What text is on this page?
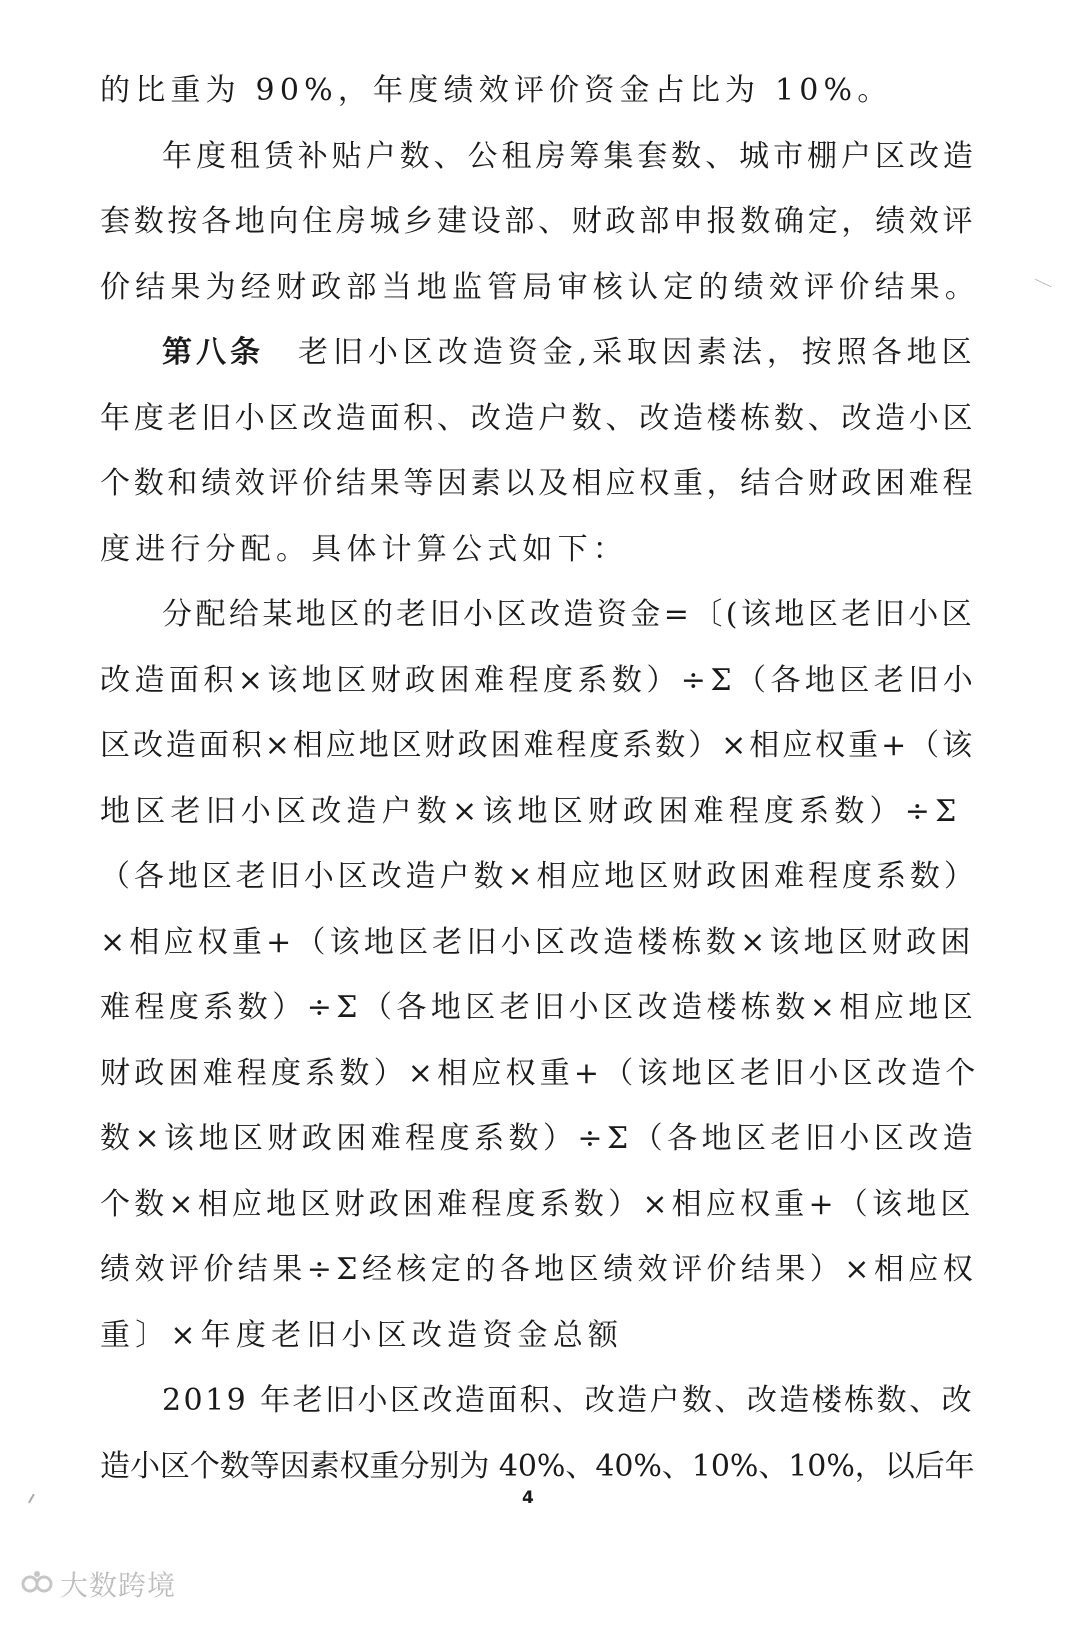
的比重为 90%，年度绩效评价资金占比为 10%。
年度租赁补贴户数、公租房筹集套数、城市棚户区改造
套数按各地向住房城乡建设部、财政部申报数确定，绩效评
价结果为经财政部当地监管局审核认定的绩效评价结果。
第八条 老旧小区改造资金,采取因素法，按照各地区
年度老旧小区改造面积、改造户数、改造楼栋数、改造小区
个数和绩效评价结果等因素以及相应权重，结合财政困难程
度进行分配。具体计算公式如下：
分配给某地区的老旧小区改造资金=〔(该地区老旧小区
改造面积×该地区财政困难程度系数）÷Σ（各地区老旧小
区改造面积×相应地区财政困难程度系数）×相应权重+（该
地区老旧小区改造户数×该地区财政困难程度系数）÷Σ
（各地区老旧小区改造户数×相应地区财政困难程度系数）
×相应权重+（该地区老旧小区改造楼栋数×该地区财政困
难程度系数）÷Σ（各地区老旧小区改造楼栋数×相应地区
财政困难程度系数）×相应权重+（该地区老旧小区改造个
数×该地区财政困难程度系数）÷Σ（各地区老旧小区改造
个数×相应地区财政困难程度系数）×相应权重+（该地区
绩效评价结果÷Σ经核定的各地区绩效评价结果）×相应权
重〕×年度老旧小区改造资金总额
2019 年老旧小区改造面积、改造户数、改造楼栋数、改
造小区个数等因素权重分别为 40%、40%、10%、10%，以后年
4
大数跨境
